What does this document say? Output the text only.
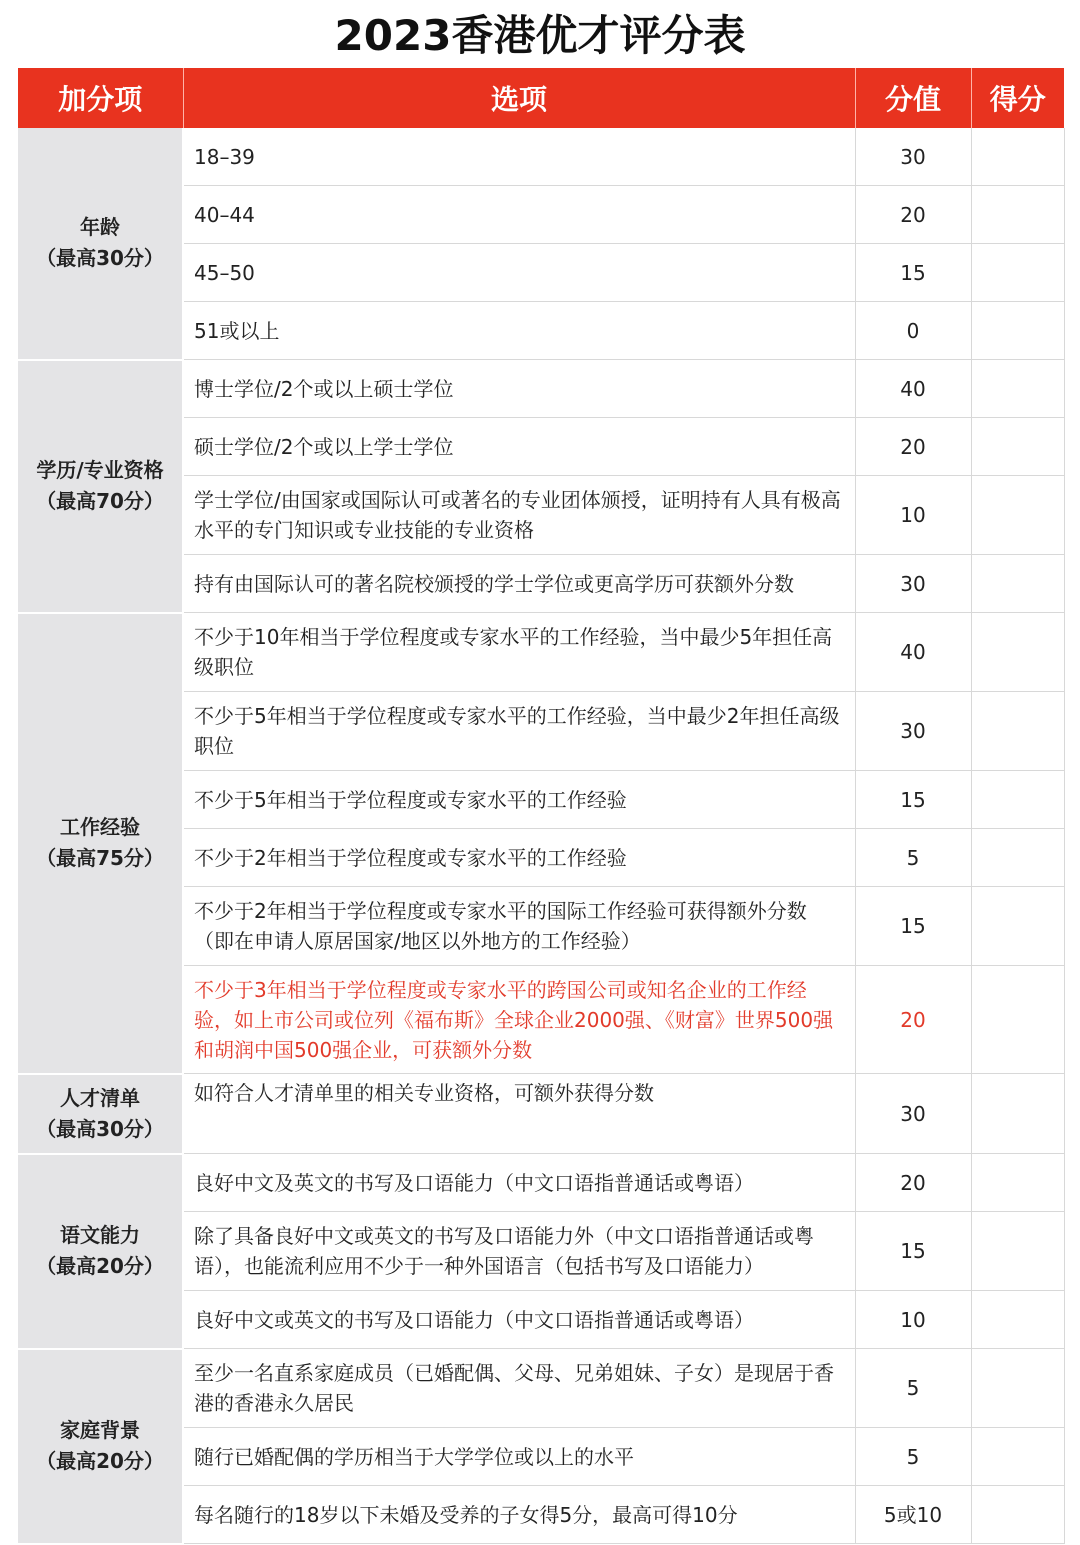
2023香港优才评分表
加分项	选项	分值	得分

年龄
（最高30分）	18–39	30	
	40–44	20	
	45–50	15	
	51或以上	0	

学历/专业资格
（最高70分）	博士学位/2个或以上硕士学位	40	
	硕士学位/2个或以上学士学位	20	
	学士学位/由国家或国际认可或著名的专业团体颁授，证明持有人具有极高水平的专门知识或专业技能的专业资格	10	
	持有由国际认可的著名院校颁授的学士学位或更高学历可获额外分数	30	

工作经验
（最高75分）	不少于10年相当于学位程度或专家水平的工作经验，当中最少5年担任高级职位	40	
	不少于5年相当于学位程度或专家水平的工作经验，当中最少2年担任高级职位	30	
	不少于5年相当于学位程度或专家水平的工作经验	15	
	不少于2年相当于学位程度或专家水平的工作经验	5	
	不少于2年相当于学位程度或专家水平的国际工作经验可获得额外分数（即在申请人原居国家/地区以外地方的工作经验）	15	
	不少于3年相当于学位程度或专家水平的跨国公司或知名企业的工作经验，如上市公司或位列《福布斯》全球企业2000强、《财富》世界500强和胡润中国500强企业，可获额外分数	20	

人才清单
（最高30分）	如符合人才清单里的相关专业资格，可额外获得分数	30	

语文能力
（最高20分）	良好中文及英文的书写及口语能力（中文口语指普通话或粤语）	20	
	除了具备良好中文或英文的书写及口语能力外（中文口语指普通话或粤语），也能流利应用不少于一种外国语言（包括书写及口语能力）	15	
	良好中文或英文的书写及口语能力（中文口语指普通话或粤语）	10	

家庭背景
（最高20分）	至少一名直系家庭成员（已婚配偶、父母、兄弟姐妹、子女）是现居于香港的香港永久居民	5	
	随行已婚配偶的学历相当于大学学位或以上的水平	5	
	每名随行的18岁以下未婚及受养的子女得5分，最高可得10分	5或10	
